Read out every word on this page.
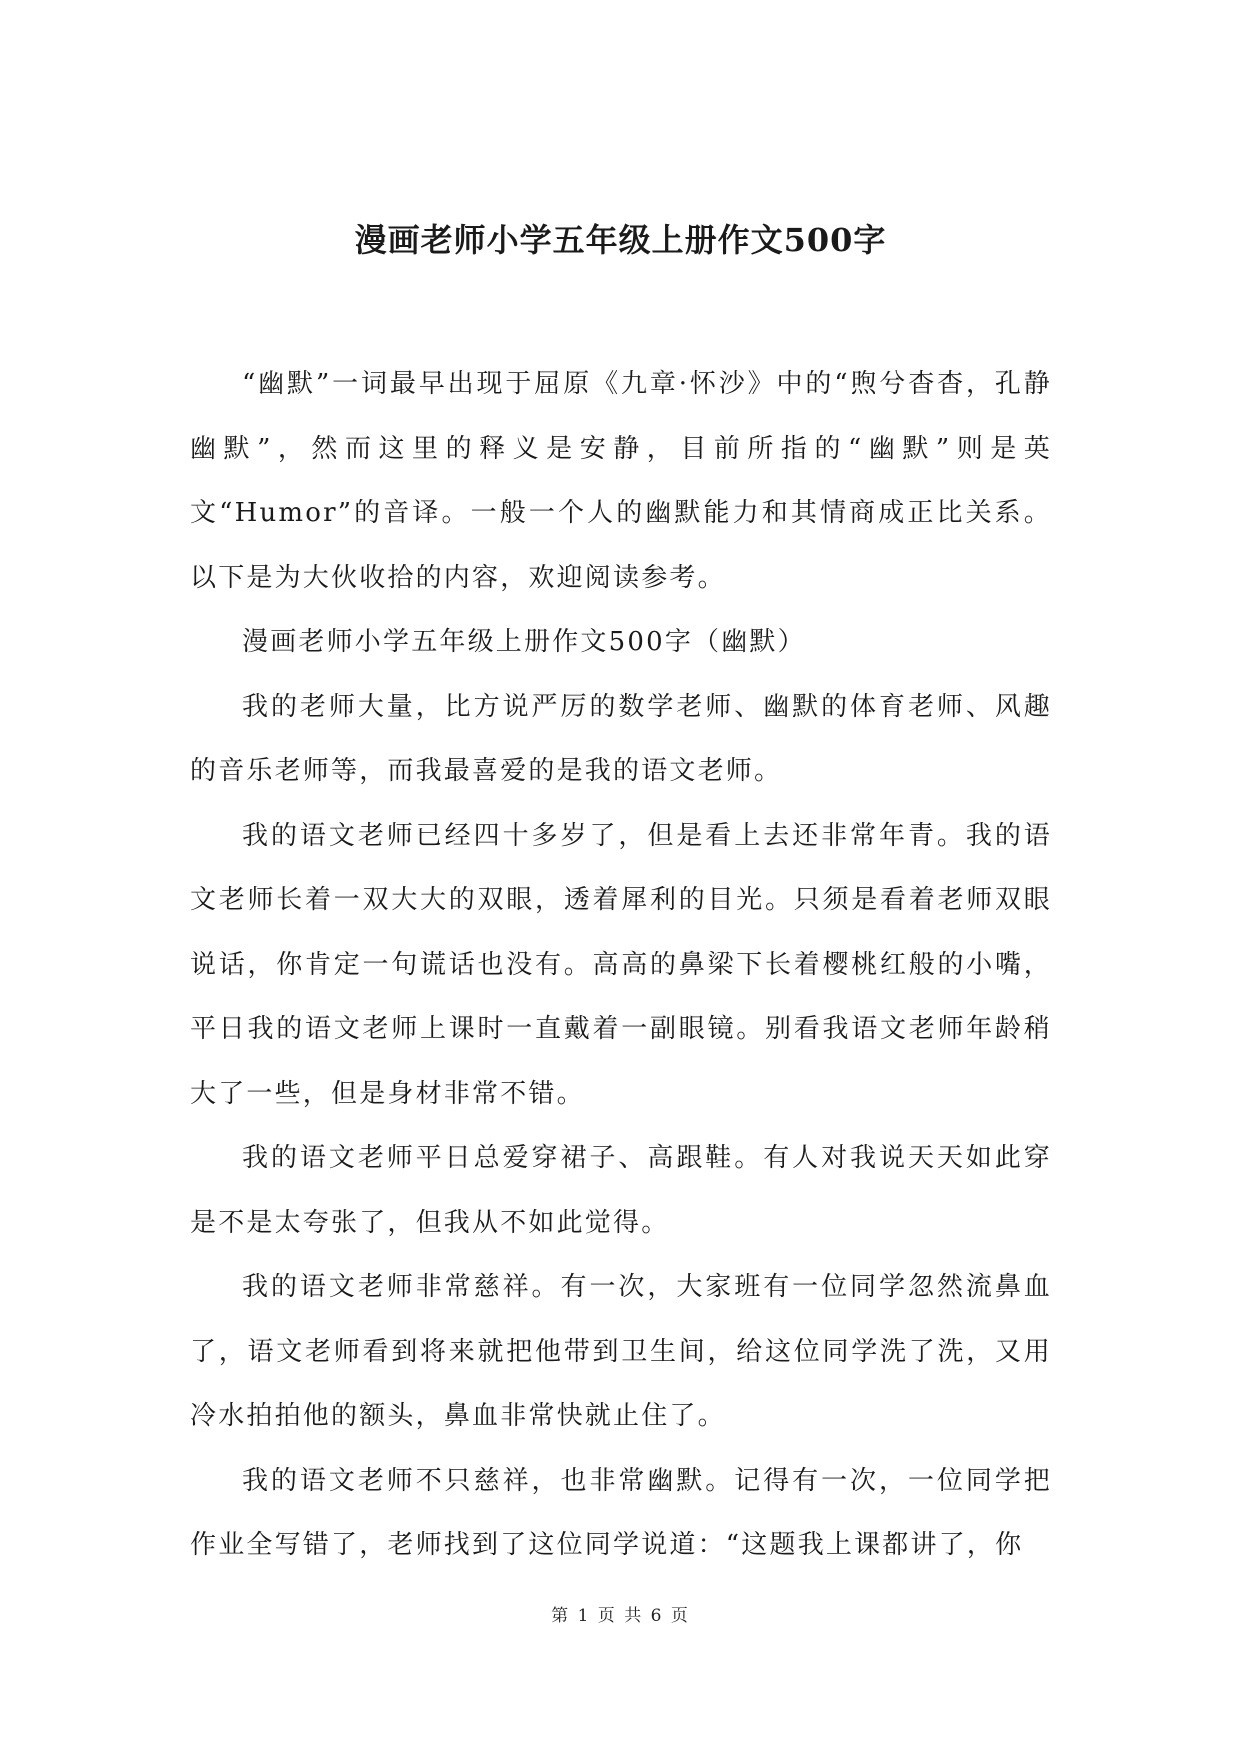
漫画老师小学五年级上册作文500字

“幽默”一词最早出现于屈原《九章·怀沙》中的“煦兮杳杳，孔静幽默”，然而这里的释义是安静，目前所指的“幽默”则是英文“Humor”的音译。一般一个人的幽默能力和其情商成正比关系。以下是为大伙收拾的内容，欢迎阅读参考。

漫画老师小学五年级上册作文500字（幽默）

我的老师大量，比方说严厉的数学老师、幽默的体育老师、风趣的音乐老师等，而我最喜爱的是我的语文老师。

我的语文老师已经四十多岁了，但是看上去还非常年青。我的语文老师长着一双大大的双眼，透着犀利的目光。只须是看着老师双眼说话，你肯定一句谎话也没有。高高的鼻梁下长着樱桃红般的小嘴，平日我的语文老师上课时一直戴着一副眼镜。别看我语文老师年龄稍大了一些，但是身材非常不错。

我的语文老师平日总爱穿裙子、高跟鞋。有人对我说天天如此穿是不是太夸张了，但我从不如此觉得。

我的语文老师非常慈祥。有一次，大家班有一位同学忽然流鼻血了，语文老师看到将来就把他带到卫生间，给这位同学洗了洗，又用冷水拍拍他的额头，鼻血非常快就止住了。

我的语文老师不只慈祥，也非常幽默。记得有一次，一位同学把作业全写错了，老师找到了这位同学说道：“这题我上课都讲了，你

第 1 页 共 6 页
